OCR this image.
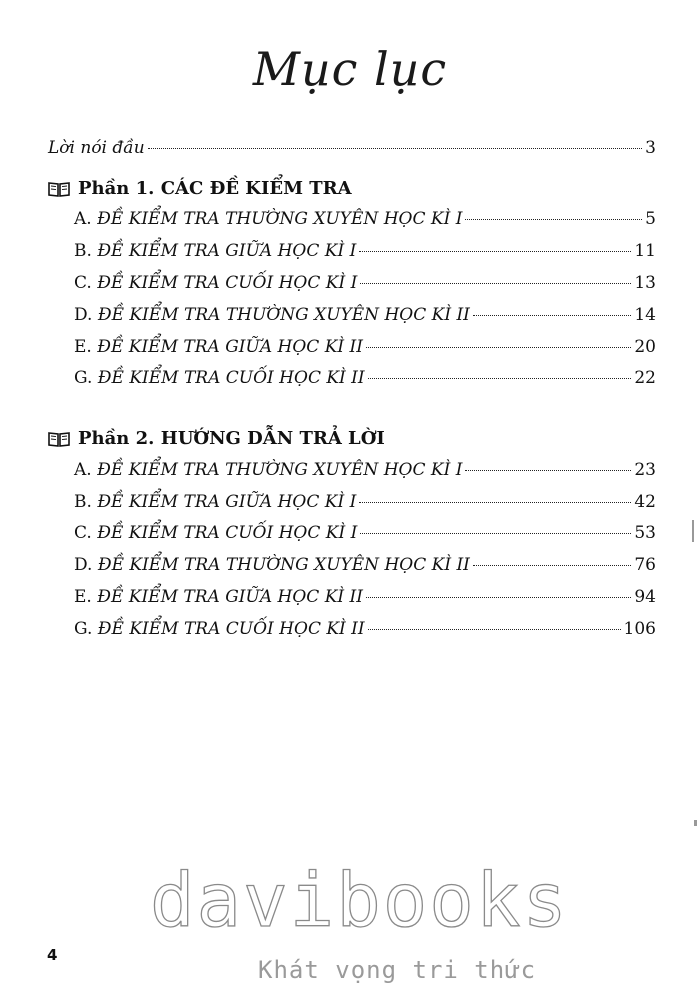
Mục lục
Lời nói đầu	3
Phần 1. CÁC ĐỀ KIỂM TRA
A. ĐỀ KIỂM TRA THƯỜNG XUYÊN HỌC KÌ I	5
B. ĐỀ KIỂM TRA GIỮA HỌC KÌ I	11
C. ĐỀ KIỂM TRA CUỐI HỌC KÌ I	13
D. ĐỀ KIỂM TRA THƯỜNG XUYÊN HỌC KÌ II	14
E. ĐỀ KIỂM TRA GIỮA HỌC KÌ II	20
G. ĐỀ KIỂM TRA CUỐI HỌC KÌ II	22
Phần 2. HƯỚNG DẪN TRẢ LỜI
A. ĐỀ KIỂM TRA THƯỜNG XUYÊN HỌC KÌ I	23
B. ĐỀ KIỂM TRA GIỮA HỌC KÌ I	42
C. ĐỀ KIỂM TRA CUỐI HỌC KÌ I	53
D. ĐỀ KIỂM TRA THƯỜNG XUYÊN HỌC KÌ II	76
E. ĐỀ KIỂM TRA GIỮA HỌC KÌ II	94
G. ĐỀ KIỂM TRA CUỐI HỌC KÌ II	106
davibooks
Khát vọng tri thức
4
